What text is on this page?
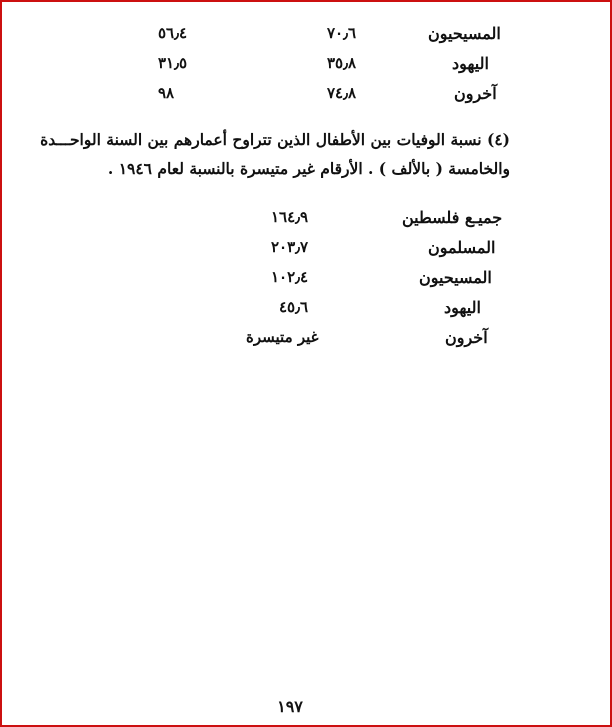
المسيحيون
٧٠٫٦
٥٦٫٤
اليهود
٣٥٫٨
٣١٫٥
آخرون
٧٤٫٨
٩٨
(٤) نسبة الوفيات بين الأطفال الذين تتراوح أعمارهم بين السنة الواحـــدة
والخامسة ( بالألف ) . الأرقام غير متيسرة بالنسبة لعام ١٩٤٦ .
جميـع فلسطين
١٦٤٫٩
المسلمون
٢٠٣٫٧
المسيحيون
١٠٢٫٤
اليهود
٤٥٫٦
آخرون
غير متيسرة
١٩٧
